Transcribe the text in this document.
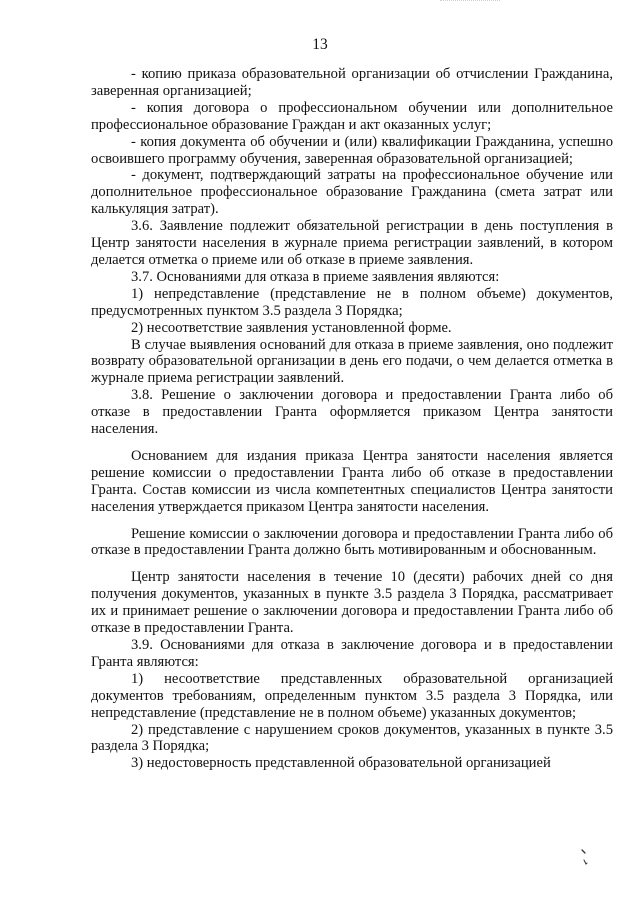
13

- копию приказа образовательной организации об отчислении Гражданина, заверенная организацией;

- копия договора о профессиональном обучении или дополнительное профессиональное образование Граждан и акт оказанных услуг;

- копия документа об обучении и (или) квалификации Гражданина, успешно освоившего программу обучения, заверенная образовательной организацией;

- документ, подтверждающий затраты на профессиональное обучение или дополнительное профессиональное образование Гражданина (смета затрат или калькуляция затрат).

3.6. Заявление подлежит обязательной регистрации в день поступления в Центр занятости населения в журнале приема регистрации заявлений, в котором делается отметка о приеме или об отказе в приеме заявления.

3.7. Основаниями для отказа в приеме заявления являются:

1) непредставление (представление не в полном объеме) документов, предусмотренных пунктом 3.5 раздела 3 Порядка;

2) несоответствие заявления установленной форме.

В случае выявления оснований для отказа в приеме заявления, оно подлежит возврату образовательной организации в день его подачи, о чем делается отметка в журнале приема регистрации заявлений.

3.8. Решение о заключении договора и предоставлении Гранта либо об отказе в предоставлении Гранта оформляется приказом Центра занятости населения.

Основанием для издания приказа Центра занятости населения является решение комиссии о предоставлении Гранта либо об отказе в предоставлении Гранта. Состав комиссии из числа компетентных специалистов Центра занятости населения утверждается приказом Центра занятости населения.

Решение комиссии о заключении договора и предоставлении Гранта либо об отказе в предоставлении Гранта должно быть мотивированным и обоснованным.

Центр занятости населения в течение 10 (десяти) рабочих дней со дня получения документов, указанных в пункте 3.5 раздела 3 Порядка, рассматривает их и принимает решение о заключении договора и предоставлении Гранта либо об отказе в предоставлении Гранта.

3.9. Основаниями для отказа в заключение договора и в предоставлении Гранта являются:

1) несоответствие представленных образовательной организацией документов требованиям, определенным пунктом 3.5 раздела 3 Порядка, или непредставление (представление не в полном объеме) указанных документов;

2) представление с нарушением сроков документов, указанных в пункте 3.5 раздела 3 Порядка;

3) недостоверность представленной образовательной организацией
